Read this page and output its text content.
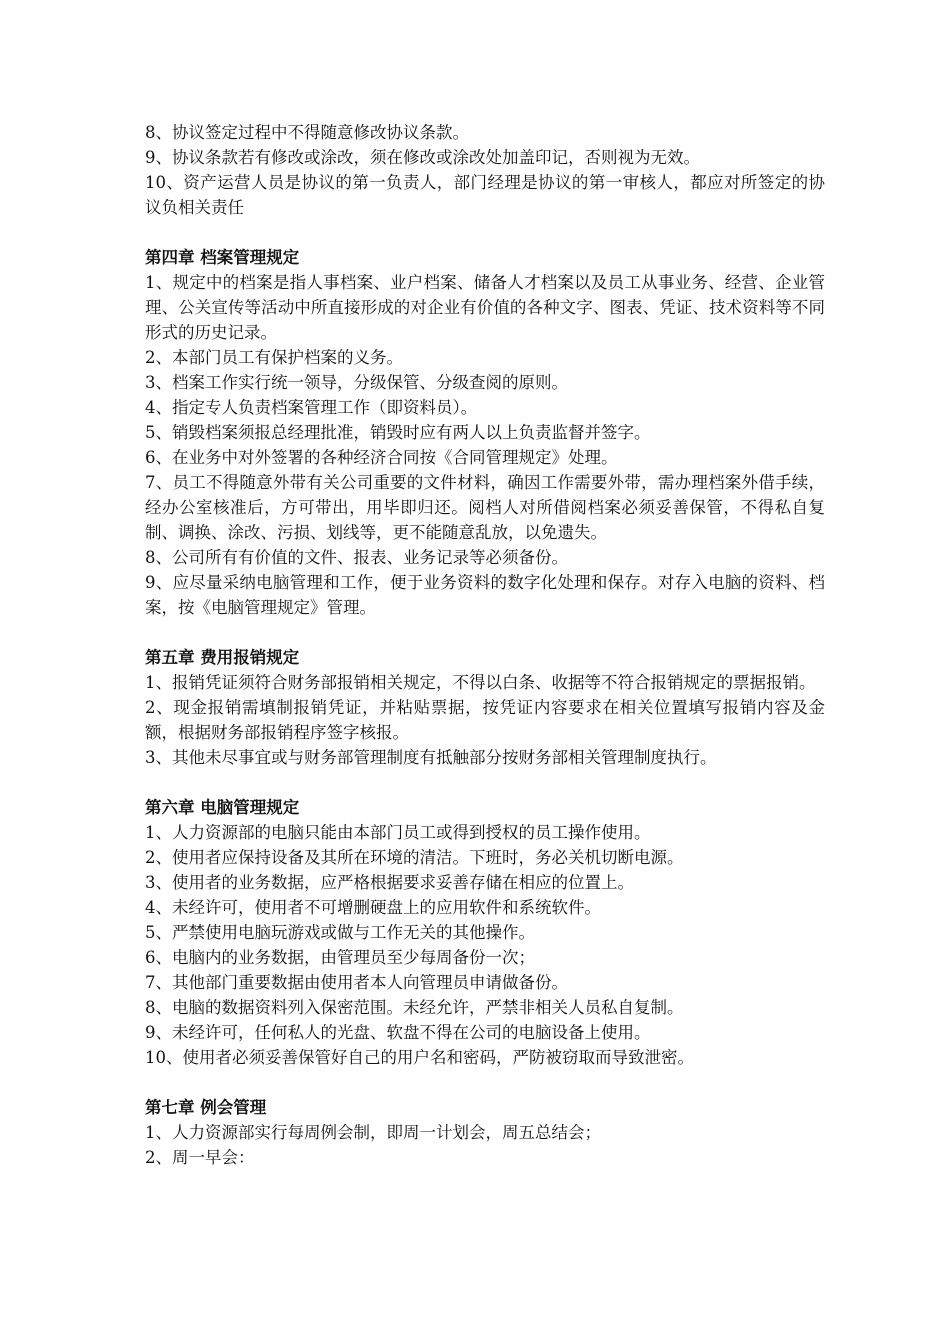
8、协议签定过程中不得随意修改协议条款。

9、协议条款若有修改或涂改，须在修改或涂改处加盖印记，否则视为无效。

10、资产运营人员是协议的第一负责人，部门经理是协议的第一审核人，都应对所签定的协议负相关责任

第四章 档案管理规定

1、规定中的档案是指人事档案、业户档案、储备人才档案以及员工从事业务、经营、企业管理、公关宣传等活动中所直接形成的对企业有价值的各种文字、图表、凭证、技术资料等不同形式的历史记录。

2、本部门员工有保护档案的义务。

3、档案工作实行统一领导，分级保管、分级查阅的原则。

4、指定专人负责档案管理工作（即资料员）。

5、销毁档案须报总经理批准，销毁时应有两人以上负责监督并签字。

6、在业务中对外签署的各种经济合同按《合同管理规定》处理。

7、员工不得随意外带有关公司重要的文件材料，确因工作需要外带，需办理档案外借手续，经办公室核准后，方可带出，用毕即归还。阅档人对所借阅档案必须妥善保管，不得私自复制、调换、涂改、污损、划线等，更不能随意乱放，以免遗失。

8、公司所有有价值的文件、报表、业务记录等必须备份。

9、应尽量采纳电脑管理和工作，便于业务资料的数字化处理和保存。对存入电脑的资料、档案，按《电脑管理规定》管理。

第五章 费用报销规定

1、报销凭证须符合财务部报销相关规定，不得以白条、收据等不符合报销规定的票据报销。

2、现金报销需填制报销凭证，并粘贴票据，按凭证内容要求在相关位置填写报销内容及金额，根据财务部报销程序签字核报。

3、其他未尽事宜或与财务部管理制度有抵触部分按财务部相关管理制度执行。

第六章 电脑管理规定

1、人力资源部的电脑只能由本部门员工或得到授权的员工操作使用。

2、使用者应保持设备及其所在环境的清洁。下班时，务必关机切断电源。

3、使用者的业务数据，应严格根据要求妥善存储在相应的位置上。

4、未经许可，使用者不可增删硬盘上的应用软件和系统软件。

5、严禁使用电脑玩游戏或做与工作无关的其他操作。

6、电脑内的业务数据，由管理员至少每周备份一次；

7、其他部门重要数据由使用者本人向管理员申请做备份。

8、电脑的数据资料列入保密范围。未经允许，严禁非相关人员私自复制。

9、未经许可，任何私人的光盘、软盘不得在公司的电脑设备上使用。

10、使用者必须妥善保管好自己的用户名和密码，严防被窃取而导致泄密。

第七章 例会管理

1、人力资源部实行每周例会制，即周一计划会，周五总结会；

2、周一早会：
